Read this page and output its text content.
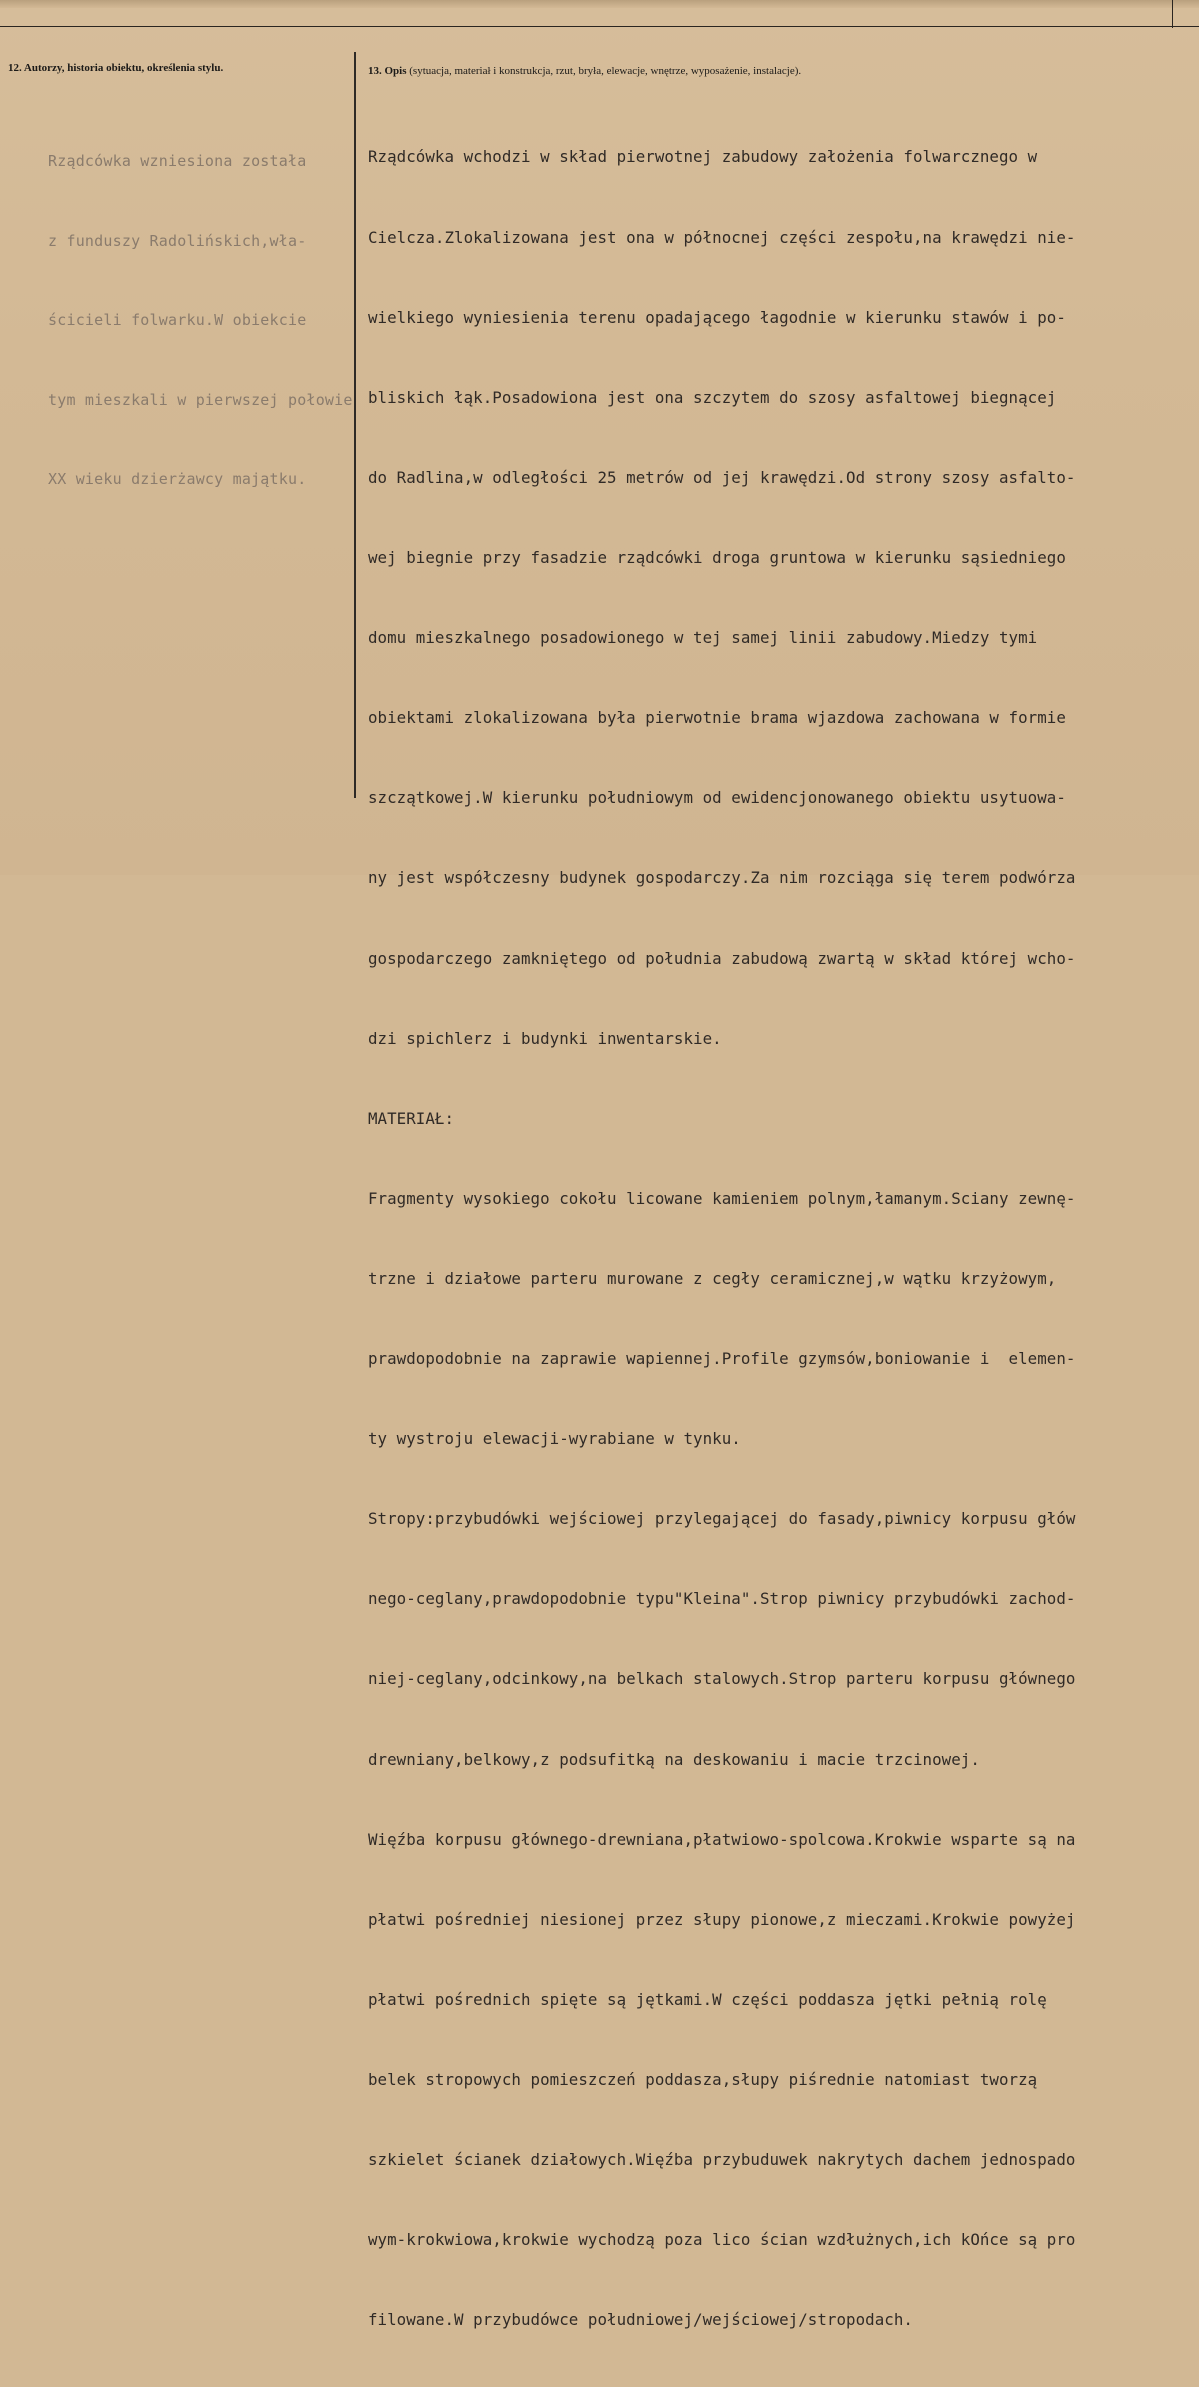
12. Autorzy, historia obiektu, określenia stylu.	13. Opis (sytuacja, materiał i konstrukcja, rzut, bryła, elewacje, wnętrze, wyposażenie, instalacje).

Rządcówka wzniesiona została

z funduszy Radolińskich,wła-

ścicieli folwarku.W obiekcie

tym mieszkali w pierwszej połowie

XX wieku dzierżawcy majątku.

Rządcówka wchodzi w skład pierwotnej zabudowy założenia folwarcznego w

Cielcza.Zlokalizowana jest ona w północnej części zespołu,na krawędzi nie-

wielkiego wyniesienia terenu opadającego łagodnie w kierunku stawów i po-

bliskich łąk.Posadowiona jest ona szczytem do szosy asfaltowej biegnącej

do Radlina,w odległości 25 metrów od jej krawędzi.Od strony szosy asfalto-

wej biegnie przy fasadzie rządcówki droga gruntowa w kierunku sąsiedniego

domu mieszkalnego posadowionego w tej samej linii zabudowy.Miedzy tymi

obiektami zlokalizowana była pierwotnie brama wjazdowa zachowana w formie

szczątkowej.W kierunku południowym od ewidencjonowanego obiektu usytuowa-

ny jest współczesny budynek gospodarczy.Za nim rozciąga się terem podwórza

gospodarczego zamkniętego od południa zabudową zwartą w skład której wcho-

dzi spichlerz i budynki inwentarskie.

MATERIAŁ:

Fragmenty wysokiego cokołu licowane kamieniem polnym,łamanym.Sciany zewnę-

trzne i działowe parteru murowane z cegły ceramicznej,w wątku krzyżowym,

prawdopodobnie na zaprawie wapiennej.Profile gzymsów,boniowanie i  elemen-

ty wystroju elewacji-wyrabiane w tynku.

Stropy:przybudówki wejściowej przylegającej do fasady,piwnicy korpusu głów

nego-ceglany,prawdopodobnie typu"Kleina".Strop piwnicy przybudówki zachod-

niej-ceglany,odcinkowy,na belkach stalowych.Strop parteru korpusu głównego

drewniany,belkowy,z podsufitką na deskowaniu i macie trzcinowej.

Więźba korpusu głównego-drewniana,płatwiowo-spolcowa.Krokwie wsparte są na

płatwi pośredniej niesionej przez słupy pionowe,z mieczami.Krokwie powyżej

płatwi pośrednich spięte są jętkami.W części poddasza jętki pełnią rolę

belek stropowych pomieszczeń poddasza,słupy piśrednie natomiast tworzą

szkielet ścianek działowych.Więźba przybuduwek nakrytych dachem jednospado

wym-krokwiowa,krokwie wychodzą poza lico ścian wzdłużnych,ich kOńce są pro

filowane.W przybudówce południowej/wejściowej/stropodach.
